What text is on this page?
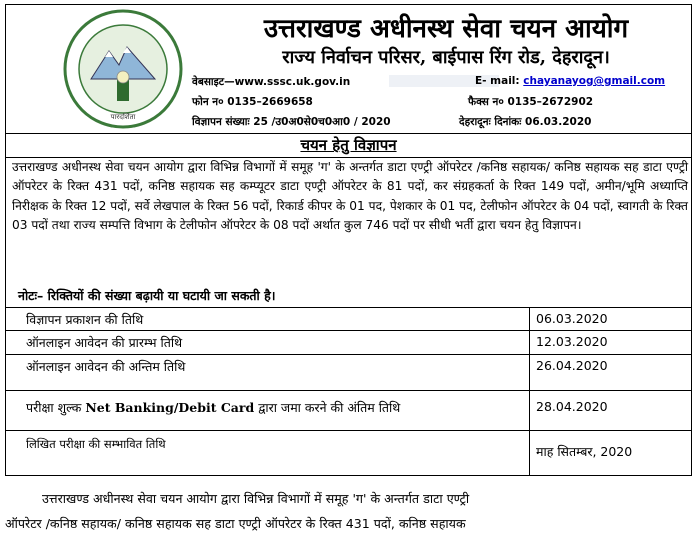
पारदर्शिता
उत्तराखण्ड अधीनस्थ सेवा चयन आयोग
राज्य निर्वाचन परिसर, बाईपास रिंग रोड, देहरादून।
वेबसाइट—www.sssc.uk.gov.in	E- mail: chayanayog@gmail.com
फोन न० 0135–2669658	फैक्स न० 0135–2672902
विज्ञापन संख्याः 25 /उ0अ0से0च0आ0 / 2020	देहरादूनः दिनांकः 06.03.2020
चयन हेतु विज्ञापन
उत्तराखण्ड अधीनस्थ सेवा चयन आयोग द्वारा विभिन्न विभागों में समूह 'ग' के अन्तर्गत डाटा एण्ट्री ऑपरेटर /कनिष्ठ सहायक/ कनिष्ठ सहायक सह डाटा एण्ट्री ऑपरेटर के रिक्त 431 पदों, कनिष्ठ सहायक सह कम्प्यूटर डाटा एण्ट्री ऑपरेटर के 81 पदों, कर संग्रहकर्ता के रिक्त 149 पदों, अमीन/भूमि अध्याप्ति निरीक्षक के रिक्त 12 पदों, सर्वे लेखपाल के रिक्त 56 पदों, रिकार्ड कीपर के 01 पद, पेशकार के 01 पद, टेलीफोन ऑपरेटर के 04 पदों, स्वागती के रिक्त 03 पदों तथा राज्य सम्पत्ति विभाग के टेलीफोन ऑपरेटर के 08 पदों अर्थात कुल 746 पदों पर सीधी भर्ती द्वारा चयन हेतु विज्ञापन।
नोटः– रिक्तियों की संख्या बढ़ायी या घटायी जा सकती है।
विज्ञापन प्रकाशन की तिथि	06.03.2020
ऑनलाइन आवेदन की प्रारम्भ तिथि	12.03.2020
ऑनलाइन आवेदन की अन्तिम तिथि	26.04.2020
परीक्षा शुल्क Net Banking/Debit Card द्वारा जमा करने की अंतिम तिथि	28.04.2020
लिखित परीक्षा की सम्भावित तिथि	माह सितम्बर, 2020
उत्तराखण्ड अधीनस्थ सेवा चयन आयोग द्वारा विभिन्न विभागों में समूह 'ग' के अन्तर्गत डाटा एण्ट्री
ऑपरेटर /कनिष्ठ सहायक/ कनिष्ठ सहायक सह डाटा एण्ट्री ऑपरेटर के रिक्त 431 पदों, कनिष्ठ सहायक
